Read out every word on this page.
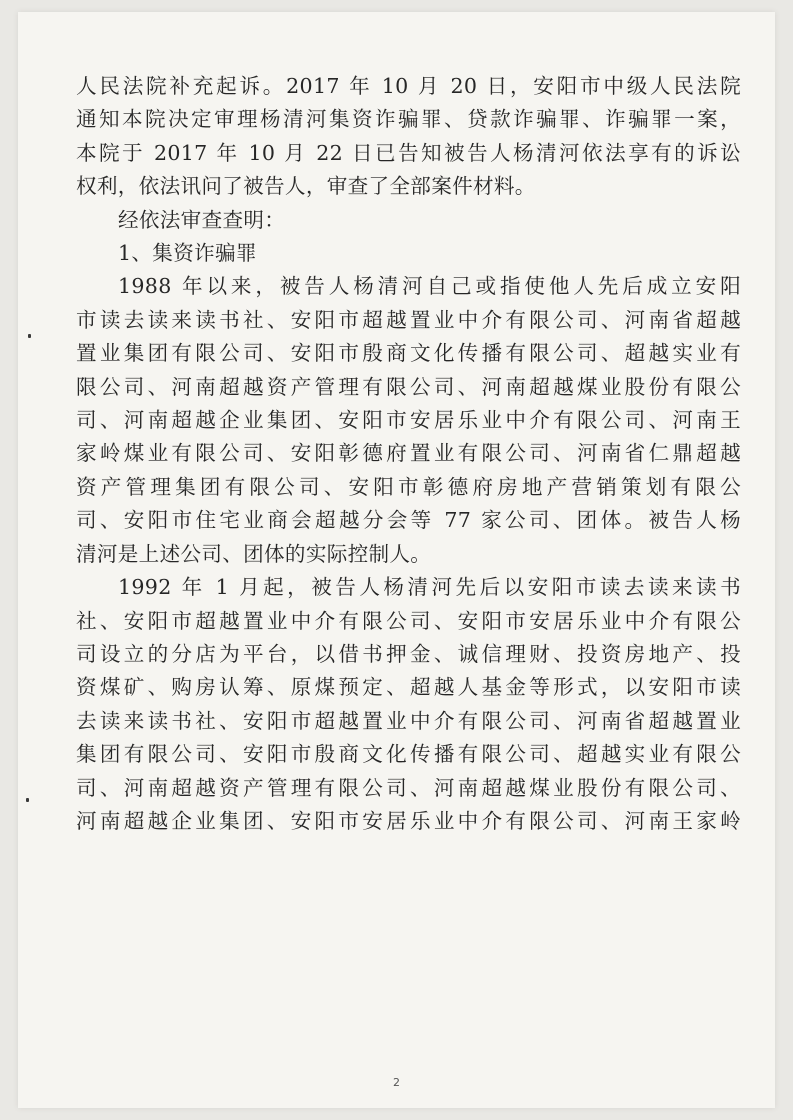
人民法院补充起诉。2017 年 10 月 20 日，安阳市中级人民法院
通知本院决定审理杨清河集资诈骗罪、贷款诈骗罪、诈骗罪一案，
本院于 2017 年 10 月 22 日已告知被告人杨清河依法享有的诉讼
权利，依法讯问了被告人，审查了全部案件材料。
经依法审查查明：
1、集资诈骗罪
1988 年以来，被告人杨清河自己或指使他人先后成立安阳
市读去读来读书社、安阳市超越置业中介有限公司、河南省超越
置业集团有限公司、安阳市殷商文化传播有限公司、超越实业有
限公司、河南超越资产管理有限公司、河南超越煤业股份有限公
司、河南超越企业集团、安阳市安居乐业中介有限公司、河南王
家岭煤业有限公司、安阳彰德府置业有限公司、河南省仁鼎超越
资产管理集团有限公司、安阳市彰德府房地产营销策划有限公
司、安阳市住宅业商会超越分会等 77 家公司、团体。被告人杨
清河是上述公司、团体的实际控制人。
1992 年 1 月起，被告人杨清河先后以安阳市读去读来读书
社、安阳市超越置业中介有限公司、安阳市安居乐业中介有限公
司设立的分店为平台，以借书押金、诚信理财、投资房地产、投
资煤矿、购房认筹、原煤预定、超越人基金等形式，以安阳市读
去读来读书社、安阳市超越置业中介有限公司、河南省超越置业
集团有限公司、安阳市殷商文化传播有限公司、超越实业有限公
司、河南超越资产管理有限公司、河南超越煤业股份有限公司、
河南超越企业集团、安阳市安居乐业中介有限公司、河南王家岭
2
